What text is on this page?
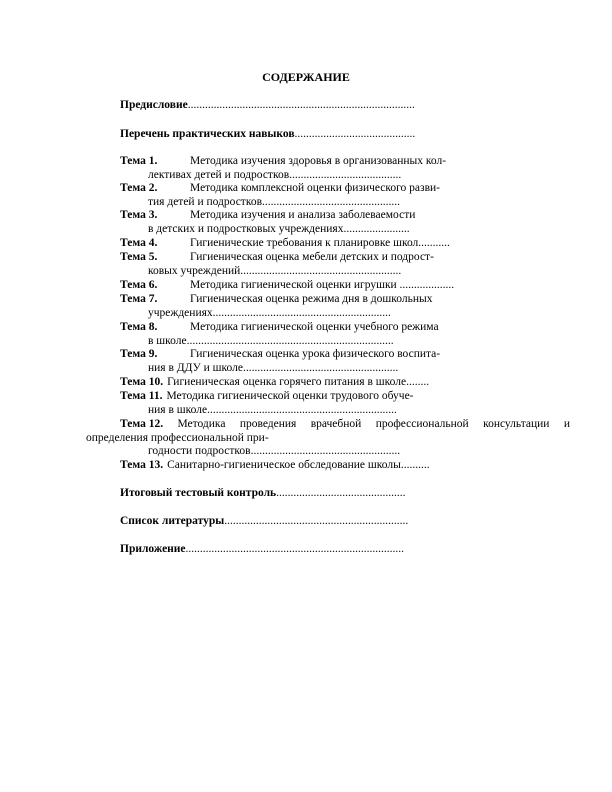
СОДЕРЖАНИЕ
Предисловие...............................................................................
Перечень практических навыков..........................................
Тема 1.	Методика изучения здоровья в организованных кол-
лективах детей и подростков.......................................
Тема 2.	Методика комплексной оценки физического разви-
тия детей и подростков................................................
Тема 3.	Методика изучения и анализа заболеваемости
в детских и подростковых учреждениях.......................
Тема 4.	Гигиенические требования к планировке школ...........
Тема 5.	Гигиеническая оценка мебели детских и подрост-
ковых учреждений........................................................
Тема 6.	Методика гигиенической оценки игрушки ...................
Тема 7.	Гигиеническая оценка режима дня в дошкольных
учреждениях..............................................................
Тема 8.	Методика гигиенической оценки учебного режима
в школе........................................................................
Тема 9.	Гигиеническая оценка урока физического воспита-
ния в ДДУ и школе......................................................
Тема 10. Гигиеническая оценка горячего питания в школе........
Тема 11. Методика гигиенической оценки трудового обуче-
ния в школе..................................................................
Тема 12. Методика проведения врачебной профессиональной консультации и
определения профессиональной при-
годности подростков....................................................
Тема 13. Санитарно-гигиеническое обследование школы..........
Итоговый тестовый контроль.............................................
Список литературы................................................................
Приложение............................................................................
